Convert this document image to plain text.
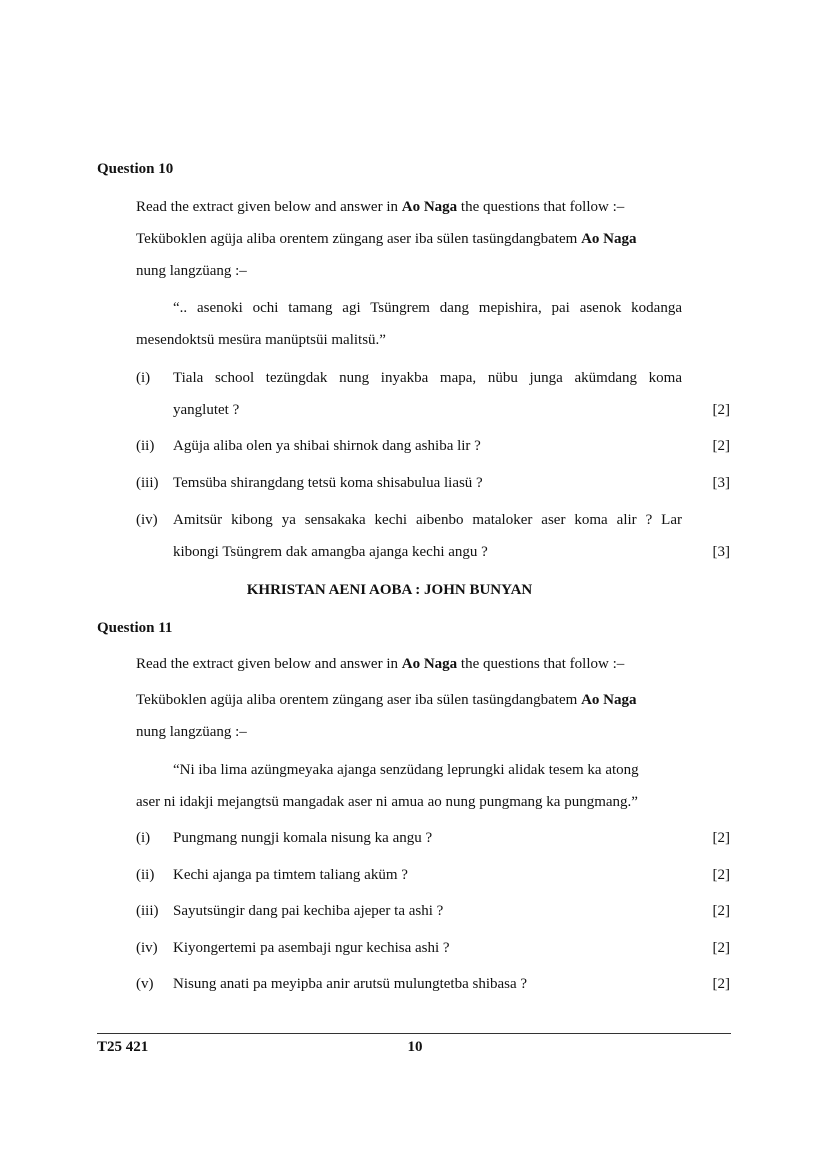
Question 10
Read the extract given below and answer in Ao Naga the questions that follow :–
Teküboklen agüja aliba orentem züngang aser iba sülen tasüngdangbatem Ao Naga
nung langzüang :–
“.. asenoki ochi tamang agi Tsüngrem dang mepishira, pai asenok kodanga
mesendoktsü mesüra manüptsüi malitsü.”
(i)	Tiala school tezüngdak nung inyakba mapa, nübu junga akümdang koma
yanglutet ?	[2]
(ii)	Agüja aliba olen ya shibai shirnok dang ashiba lir ?	[2]
(iii) Temsüba shirangdang tetsü koma shisabulua liasü ?	[3]
(iv)	Amitsür kibong ya sensakaka kechi aibenbo mataloker aser koma alir ? Lar
kibongi Tsüngrem dak amangba ajanga kechi angu ?	[3]
KHRISTAN AENI AOBA : JOHN BUNYAN
Question 11
Read the extract given below and answer in Ao Naga the questions that follow :–
Teküboklen agüja aliba orentem züngang aser iba sülen tasüngdangbatem Ao Naga
nung langzüang :–
“Ni iba lima azüngmeyaka ajanga senzüdang leprungki alidak tesem ka atong
aser ni idakji mejangtsü mangadak aser ni amua ao nung pungmang ka pungmang.”
(i)	Pungmang nungji komala nisung ka angu ?	[2]
(ii)	Kechi ajanga pa timtem taliang aküm ?	[2]
(iii) Sayutsüngir dang pai kechiba ajeper ta ashi ?	[2]
(iv)	Kiyongertemi pa asembaji ngur kechisa ashi ?	[2]
(v)	Nisung anati pa meyipba anir arutsü mulungtetba shibasa ?	[2]
T25 421	10
